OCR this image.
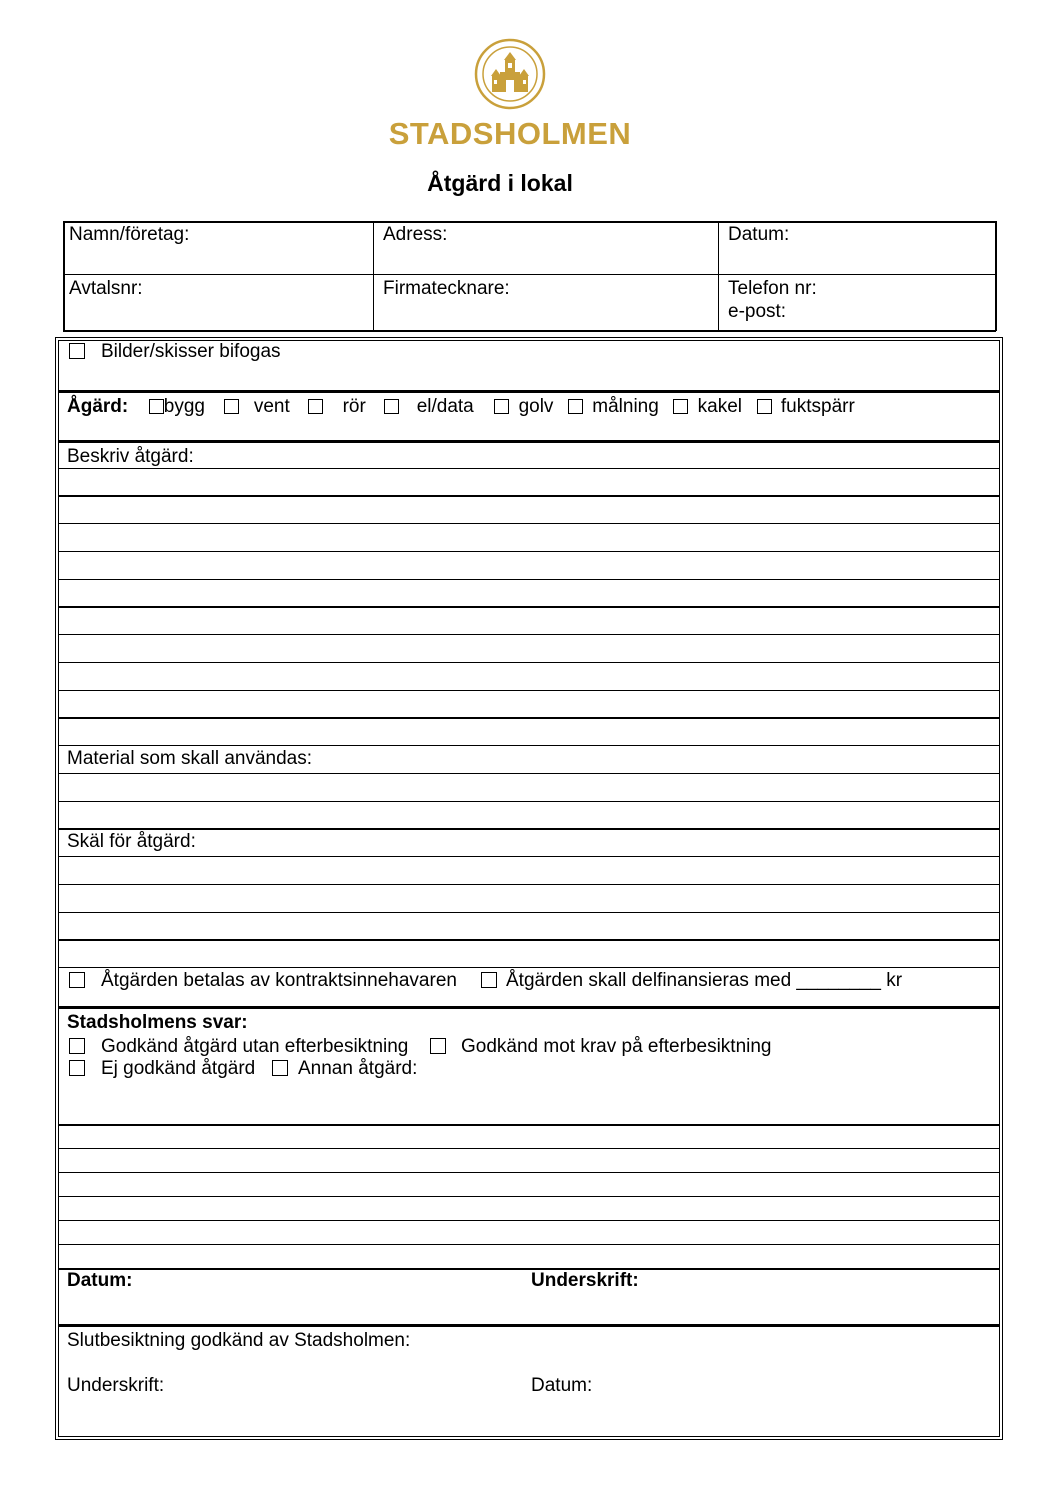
STADSHOLMEN
Åtgärd i lokal
Namn/företag:	Adress:	Datum:
Avtalsnr:	Firmatecknare:	Telefon nr:
e-post:
Bilder/skisser bifogas
Ågärd: bygg	vent	rör	el/data golv målning kakel fuktspärr
Beskriv åtgärd:
Material som skall användas:
Skäl för åtgärd:
Åtgärden betalas av kontraktsinnehavaren	Åtgärden skall delfinansieras med ________ kr
Stadsholmens svar:
Godkänd åtgärd utan efterbesiktning	Godkänd mot krav på efterbesiktning
Ej godkänd åtgärd Annan åtgärd:
Datum:	Underskrift:
Slutbesiktning godkänd av Stadsholmen:
Underskrift:	Datum:
